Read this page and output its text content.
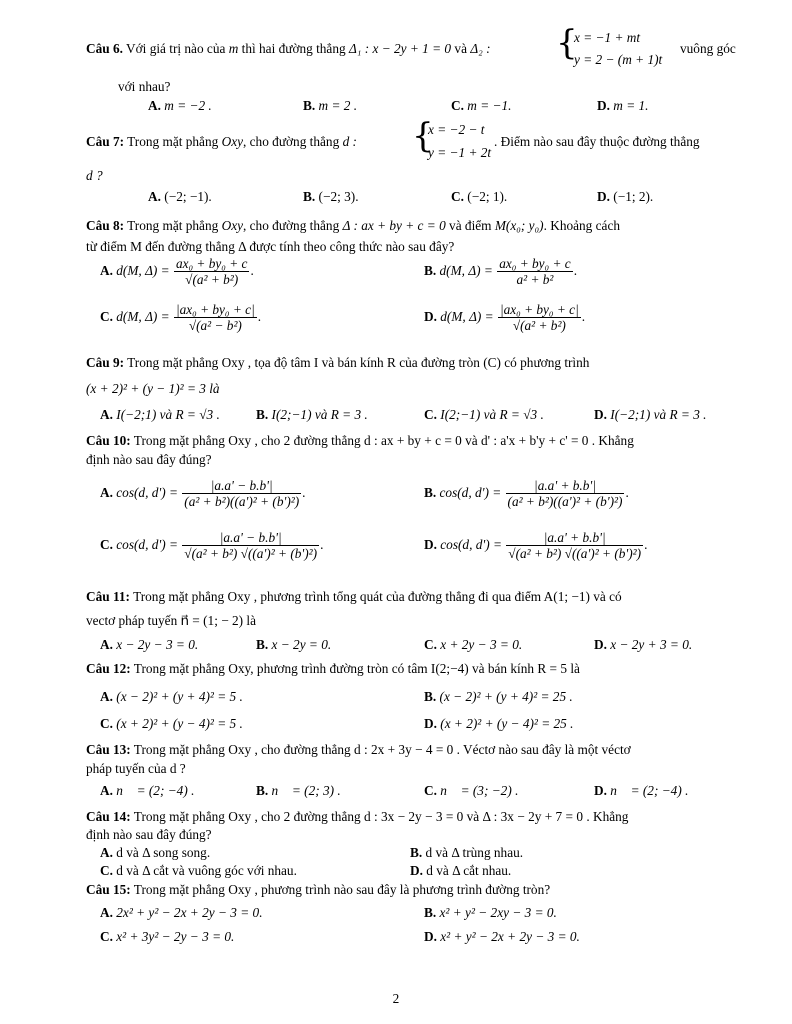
Câu 6. Với giá trị nào của m thì hai đường thẳng Δ₁ : x − 2y + 1 = 0 và Δ₂ :	{
x = −1 + mt
y = 2 − (m + 1)t
vuông góc
với nhau?
A. m = −2 .	B. m = 2 .	C. m = −1.	D. m = 1.
Câu 7: Trong mặt phẳng Oxy, cho đường thẳng d :	{
x = −2 − t
y = −1 + 2t
. Điểm nào sau đây thuộc đường thẳng
d ?
A. (−2; −1).	B. (−2; 3).	C. (−2; 1).	D. (−1; 2).
Câu 8: Trong mặt phẳng Oxy, cho đường thẳng Δ : ax + by + c = 0 và điểm M(x₀; y₀). Khoảng cách
từ điểm M đến đường thẳng Δ được tính theo công thức nào sau đây?
A. d(M, $\Delta) = \frac{\text{ax₀ + by₀ + c}}{\text{√(a² + b²)}}$ .	B. d(M, $\Delta) = \frac{\text{ax₀ + by₀ + c}}{\text{a² + b²}}$ .
C. d(M, $\Delta) = \frac{\text{|ax₀ + by₀ + c|}}{\text{√(a² − b²)}}$ .	D. d(M, $\Delta) = \frac{\text{|ax₀ + by₀ + c|}}{\text{√(a² + b²)}}$ .
Câu 9: Trong mặt phẳng Oxy , tọa độ tâm I và bán kính R của đường tròn (C) có phương trình
(x + 2)² + (y − 1)² = 3 là
A. I(−2;1) và R = √3 .	B. I(2;−1) và R = 3 .	C. I(2;−1) và R = √3 .	D. I(−2;1) và R = 3 .
Câu 10: Trong mặt phẳng Oxy , cho 2 đường thẳng d : ax + by + c = 0 và d' : a'x + b'y + c' = 0 . Khẳng
định nào sau đây đúng?
A. cos(d, $d') = \frac{|a.a' - b.b'|}{\text{(a² + b²)((a')² + (b')²)}}$ .	B. cos(d, $d') = \frac{|a.a' + b.b'|}{\text{(a² + b²)((a')² + (b')²)}}$ .
C. cos(d, $d') = \frac{|a.a' - b.b'|}{\text{√(a² + b²) √((a')² + (b')²)}}$ .	D. cos(d, $d') = \frac{|a.a' + b.b'|}{\text{√(a² + b²) √((a')² + (b')²)}}$ .
Câu 11: Trong mặt phẳng Oxy , phương trình tổng quát của đường thẳng đi qua điểm A(1; −1) và có
vectơ pháp tuyến n⃗ = (1; − 2) là
A. x − 2y − 3 = 0.	B. x − 2y = 0.	C. x + 2y − 3 = 0.	D. x − 2y + 3 = 0.
Câu 12: Trong mặt phẳng Oxy, phương trình đường tròn có tâm I(2;−4) và bán kính R = 5 là
A. (x − 2)² + (y + 4)² = 5 .	B. (x − 2)² + (y + 4)² = 25 .
C. (x + 2)² + (y − 4)² = 5 .	D. (x + 2)² + (y − 4)² = 25 .
Câu 13: Trong mặt phẳng Oxy , cho đường thẳng d : 2x + 3y − 4 = 0 . Véctơ nào sau đây là một véctơ
pháp tuyến của d ?
A. n⃗ = (2; −4) .	B. n⃗ = (2; 3) .	C. n⃗ = (3; −2) .	D. n⃗ = (2; −4) .
Câu 14: Trong mặt phẳng Oxy , cho 2 đường thẳng d : 3x − 2y − 3 = 0 và Δ : 3x − 2y + 7 = 0 . Khẳng
định nào sau đây đúng?
A. d và Δ song song.	B. d và Δ trùng nhau.
C. d và Δ cắt và vuông góc với nhau.	D. d và Δ cắt nhau.
Câu 15: Trong mặt phẳng Oxy , phương trình nào sau đây là phương trình đường tròn?
A. 2x² + y² − 2x + 2y − 3 = 0.	B. x² + y² − 2xy − 3 = 0.
C. x² + 3y² − 2y − 3 = 0.	D. x² + y² − 2x + 2y − 3 = 0.
2
